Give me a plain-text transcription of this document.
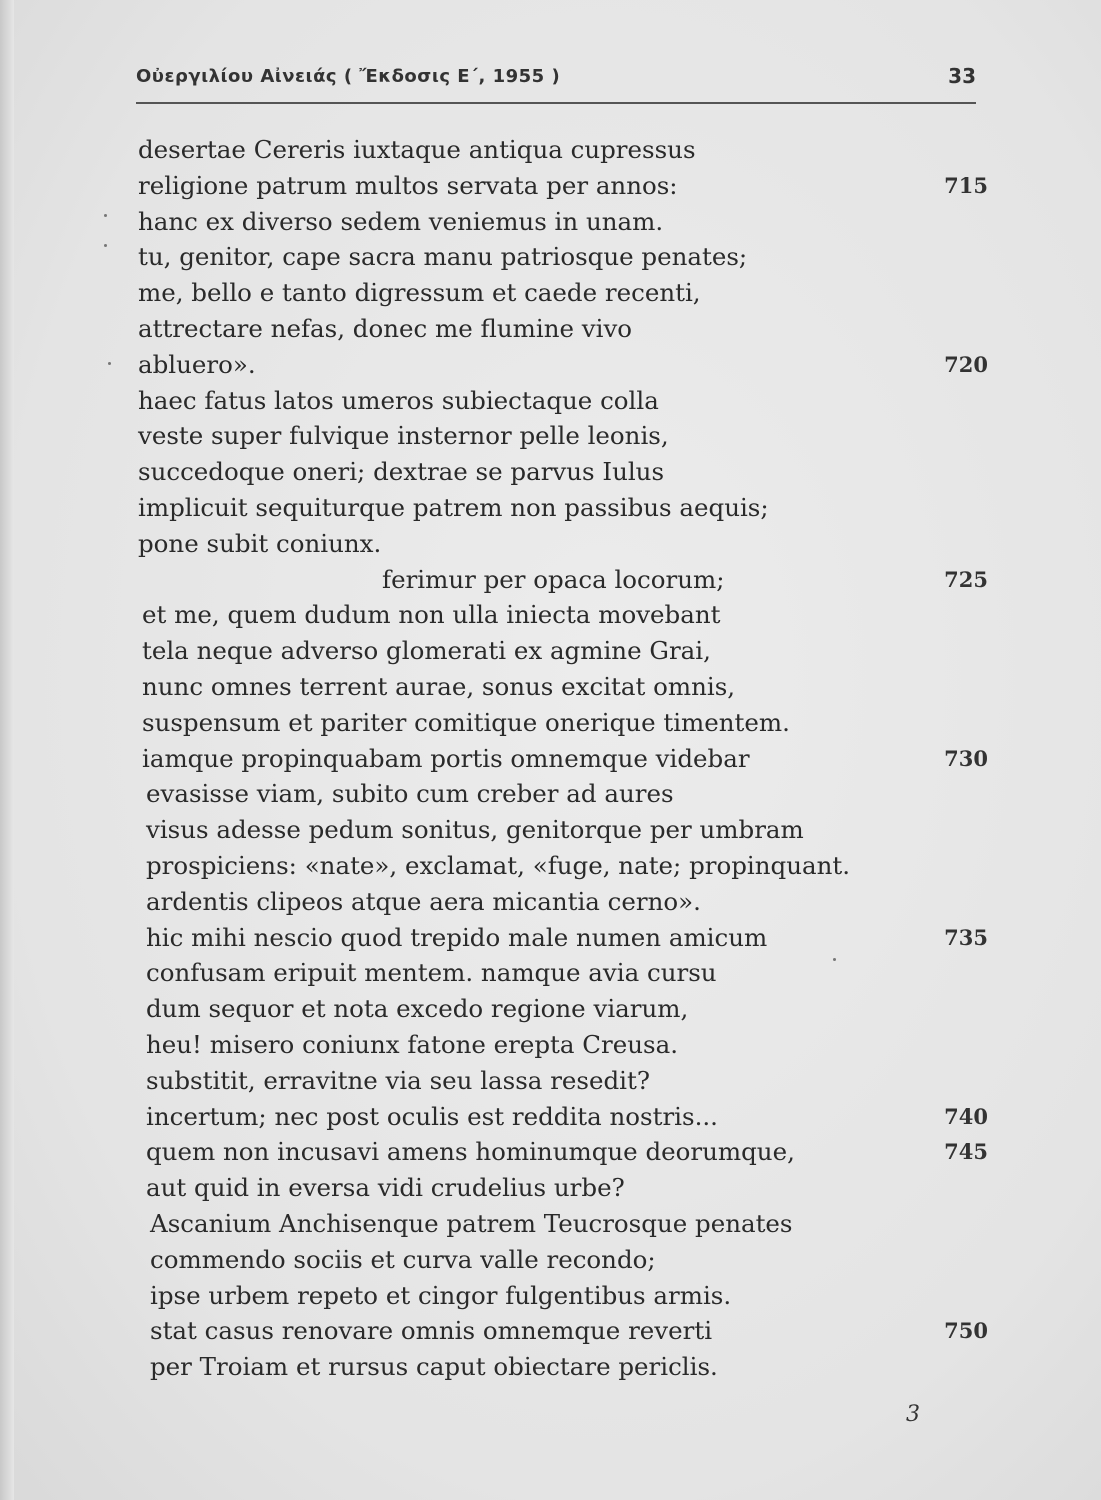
Οὐεργιλίου Αἰνειάς ( Ἔκδοσις Ε΄, 1955 )	33
desertae Cereris iuxtaque antiqua cupressus
religione patrum multos servata per annos:	715
hanc ex diverso sedem veniemus in unam.
tu, genitor, cape sacra manu patriosque penates;
me, bello e tanto digressum et caede recenti,
attrectare nefas, donec me flumine vivo
abluero».	720
haec fatus latos umeros subiectaque colla
veste super fulvique insternor pelle leonis,
succedoque oneri; dextrae se parvus Iulus
implicuit sequiturque patrem non passibus aequis;
pone subit coniunx.
ferimur per opaca locorum;	725
et me, quem dudum non ulla iniecta movebant
tela neque adverso glomerati ex agmine Grai,
nunc omnes terrent aurae, sonus excitat omnis,
suspensum et pariter comitique onerique timentem.
iamque propinquabam portis omnemque videbar	730
evasisse viam, subito cum creber ad aures
visus adesse pedum sonitus, genitorque per umbram
prospiciens: «nate», exclamat, «fuge, nate; propinquant.
ardentis clipeos atque aera micantia cerno».
hic mihi nescio quod trepido male numen amicum	735
confusam eripuit mentem. namque avia cursu
dum sequor et nota excedo regione viarum,
heu! misero coniunx fatone erepta Creusa.
substitit, erravitne via seu lassa resedit?
incertum; nec post oculis est reddita nostris...	740
quem non incusavi amens hominumque deorumque,	745
aut quid in eversa vidi crudelius urbe?
Ascanium Anchisenque patrem Teucrosque penates
commendo sociis et curva valle recondo;
ipse urbem repeto et cingor fulgentibus armis.
stat casus renovare omnis omnemque reverti	750
per Troiam et rursus caput obiectare periclis.
3
